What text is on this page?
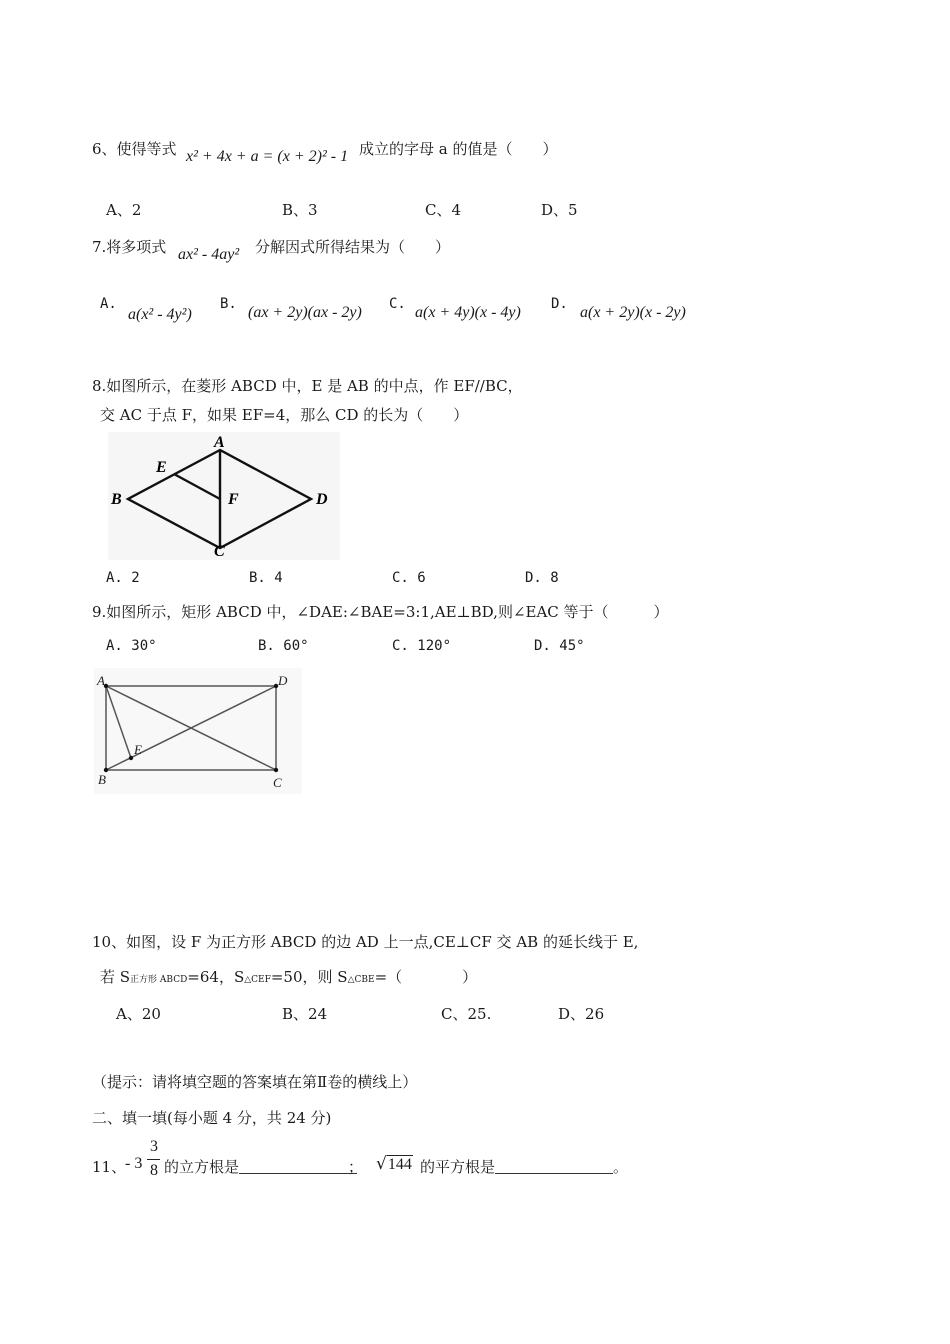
6、使得等式 x² + 4x + a = (x + 2)² - 1 成立的字母 a 的值是（　　）
A、2	B、3	C、4	D、5
7.将多项式 ax² - 4ay² 分解因式所得结果为（　　）
A.
a(x² - 4y²)
B. (ax + 2y)(ax - 2y) C. a(x + 4y)(x - 4y) D. a(x + 2y)(x - 2y)
8.如图所示，在菱形 ABCD 中，E 是 AB 的中点，作 EF//BC，
交 AC 于点 F，如果 EF=4，那么 CD 的长为（　　）
A
B
C
D
E
F
A. 2	B. 4	C. 6	D. 8
9.如图所示，矩形 ABCD 中，∠DAE:∠BAE=3:1,AE⊥BD,则∠EAC 等于（　　　）
A. 30°	B. 60°	C. 120°	D. 45°
A
B	C
D
E
10、如图，设 F 为正方形 ABCD 的边 AD 上一点,CE⊥CF 交 AB 的延长线于 E,
若 S正方形 ABCD=64，S△CEF=50，则 S△CBE=（　　　　）
A、20	B、24	C、25.	D、26
（提示：请将填空题的答案填在第Ⅱ卷的横线上）
二、填一填(每小题 4 分，共 24 分)
11、
- 3
3
8 的立方根是	； √144 的平方根是	。
